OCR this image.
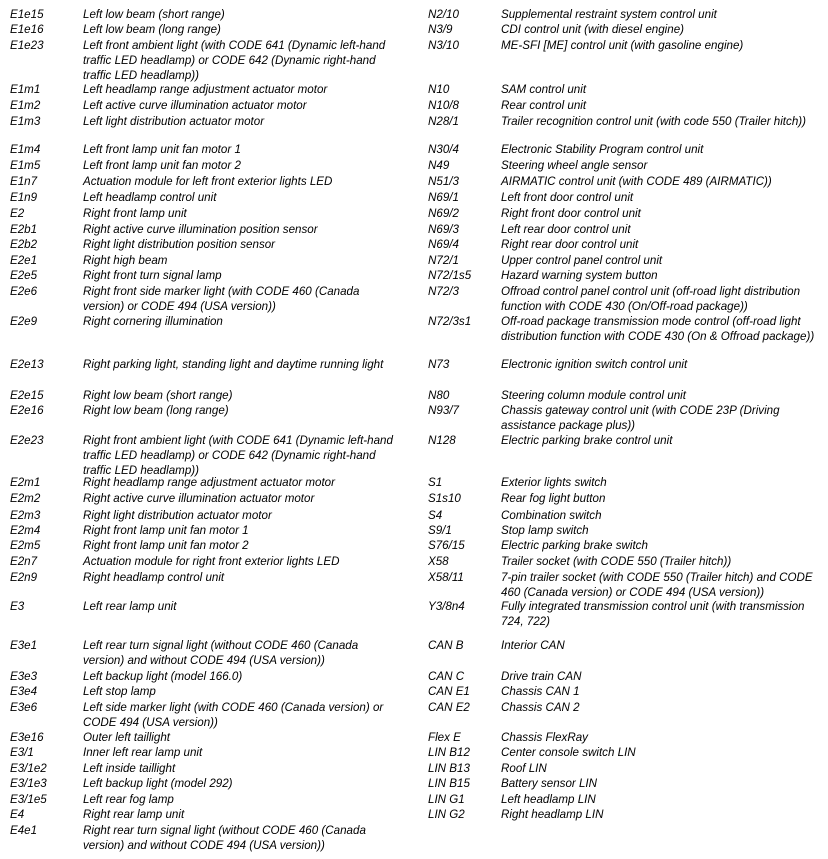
E1e15	Left low beam (short range)
E1e16	Left low beam (long range)
E1e23	Left front ambient light (with CODE 641 (Dynamic left-hand traffic LED headlamp) or CODE 642 (Dynamic right-hand traffic LED headlamp))
E1m1	Left headlamp range adjustment actuator motor
E1m2	Left active curve illumination actuator motor
E1m3	Left light distribution actuator motor
E1m4	Left front lamp unit fan motor 1
E1m5	Left front lamp unit fan motor 2
E1n7	Actuation module for left front exterior lights LED
E1n9	Left headlamp control unit
E2	Right front lamp unit
E2b1	Right active curve illumination position sensor
E2b2	Right light distribution position sensor
E2e1	Right high beam
E2e5	Right front turn signal lamp
E2e6	Right front side marker light (with CODE 460 (Canada version) or CODE 494 (USA version))
E2e9	Right cornering illumination
E2e13	Right parking light, standing light and daytime running light
E2e15	Right low beam (short range)
E2e16	Right low beam (long range)
E2e23	Right front ambient light (with CODE 641 (Dynamic left-hand traffic LED headlamp) or CODE 642 (Dynamic right-hand traffic LED headlamp))
E2m1	Right headlamp range adjustment actuator motor
E2m2	Right active curve illumination actuator motor
E2m3	Right light distribution actuator motor
E2m4	Right front lamp unit fan motor 1
E2m5	Right front lamp unit fan motor 2
E2n7	Actuation module for right front exterior lights LED
E2n9	Right headlamp control unit
E3	Left rear lamp unit
E3e1	Left rear turn signal light (without CODE 460 (Canada version) and without CODE 494 (USA version))
E3e3	Left backup light (model 166.0)
E3e4	Left stop lamp
E3e6	Left side marker light (with CODE 460 (Canada version) or CODE 494 (USA version))
E3e16	Outer left taillight
E3/1	Inner left rear lamp unit
E3/1e2	Left inside taillight
E3/1e3	Left backup light (model 292)
E3/1e5	Left rear fog lamp
E4	Right rear lamp unit
E4e1	Right rear turn signal light (without CODE 460 (Canada version) and without CODE 494 (USA version))
N2/10	Supplemental restraint system control unit
N3/9	CDI control unit (with diesel engine)
N3/10	ME-SFI [ME] control unit (with gasoline engine)
N10	SAM control unit
N10/8	Rear control unit
N28/1	Trailer recognition control unit (with code 550 (Trailer hitch))
N30/4	Electronic Stability Program control unit
N49	Steering wheel angle sensor
N51/3	AIRMATIC control unit (with CODE 489 (AIRMATIC))
N69/1	Left front door control unit
N69/2	Right front door control unit
N69/3	Left rear door control unit
N69/4	Right rear door control unit
N72/1	Upper control panel control unit
N72/1s5	Hazard warning system button
N72/3	Offroad control panel control unit (off-road light distribution function with CODE 430 (On/Off-road package))
N72/3s1	Off-road package transmission mode control (off-road light distribution function with CODE 430 (On & Offroad package))
N73	Electronic ignition switch control unit
N80	Steering column module control unit
N93/7	Chassis gateway control unit (with CODE 23P (Driving assistance package plus))
N128	Electric parking brake control unit
S1	Exterior lights switch
S1s10	Rear fog light button
S4	Combination switch
S9/1	Stop lamp switch
S76/15	Electric parking brake switch
X58	Trailer socket (with CODE 550 (Trailer hitch))
X58/11	7-pin trailer socket (with CODE 550 (Trailer hitch) and CODE 460 (Canada version) or CODE 494 (USA version))
Y3/8n4	Fully integrated transmission control unit (with transmission 724, 722)
CAN B	Interior CAN
CAN C	Drive train CAN
CAN E1	Chassis CAN 1
CAN E2	Chassis CAN 2
Flex E	Chassis FlexRay
LIN B12	Center console switch LIN
LIN B13	Roof LIN
LIN B15	Battery sensor LIN
LIN G1	Left headlamp LIN
LIN G2	Right headlamp LIN
